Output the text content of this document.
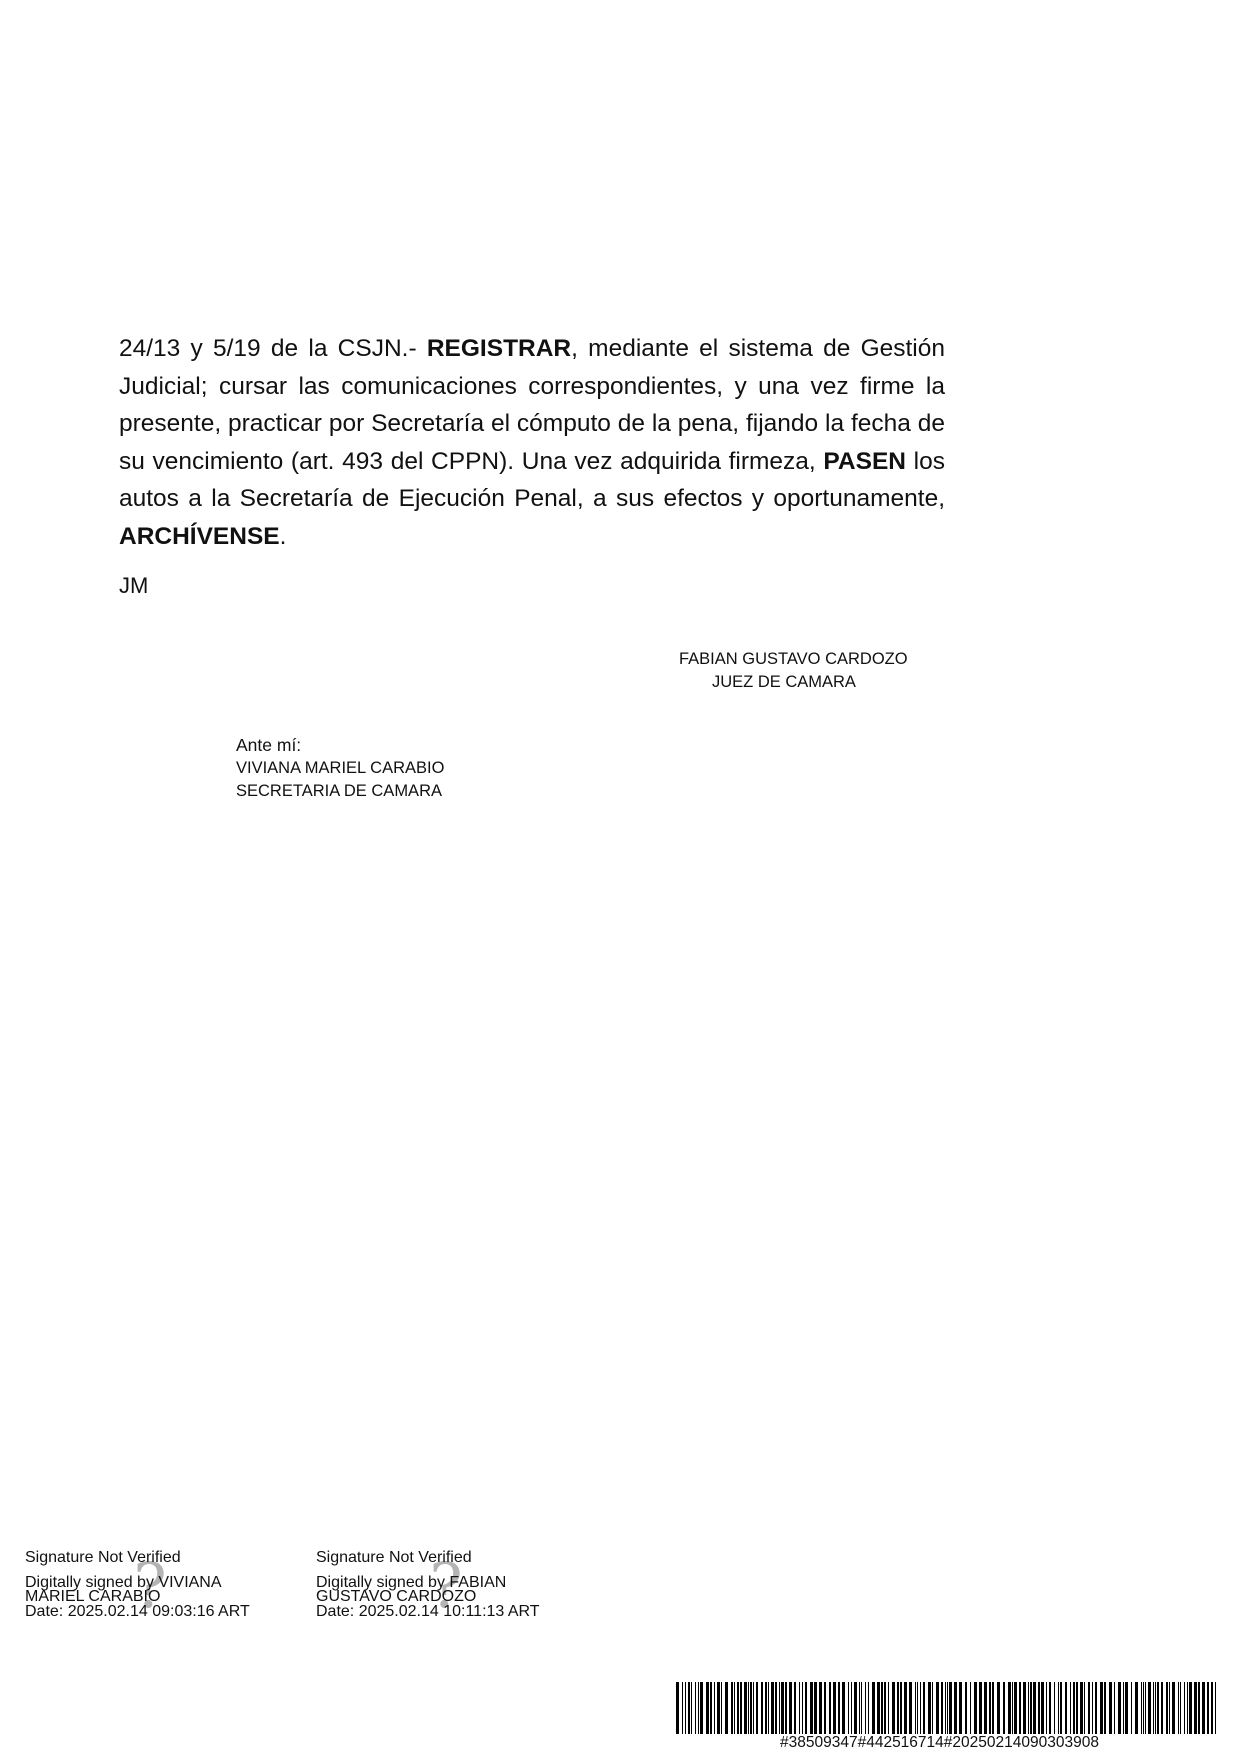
24/13 y 5/19 de la CSJN.- REGISTRAR, mediante el sistema de Gestión Judicial; cursar las comunicaciones correspondientes, y una vez firme la presente, practicar por Secretaría el cómputo de la pena, fijando la fecha de su vencimiento (art. 493 del CPPN). Una vez adquirida firmeza, PASEN los autos a la Secretaría de Ejecución Penal, a sus efectos y oportunamente, ARCHÍVENSE.

JM
FABIAN GUSTAVO CARDOZO
JUEZ DE CAMARA
Ante mí:
VIVIANA MARIEL CARABIO
SECRETARIA DE CAMARA
?	?
Signature Not Verified
Digitally signed by VIVIANA
MARIEL CARABIO
Date: 2025.02.14 09:03:16 ART
Signature Not Verified
Digitally signed by FABIAN
GUSTAVO CARDOZO
Date: 2025.02.14 10:11:13 ART
#38509347#442516714#20250214090303908
